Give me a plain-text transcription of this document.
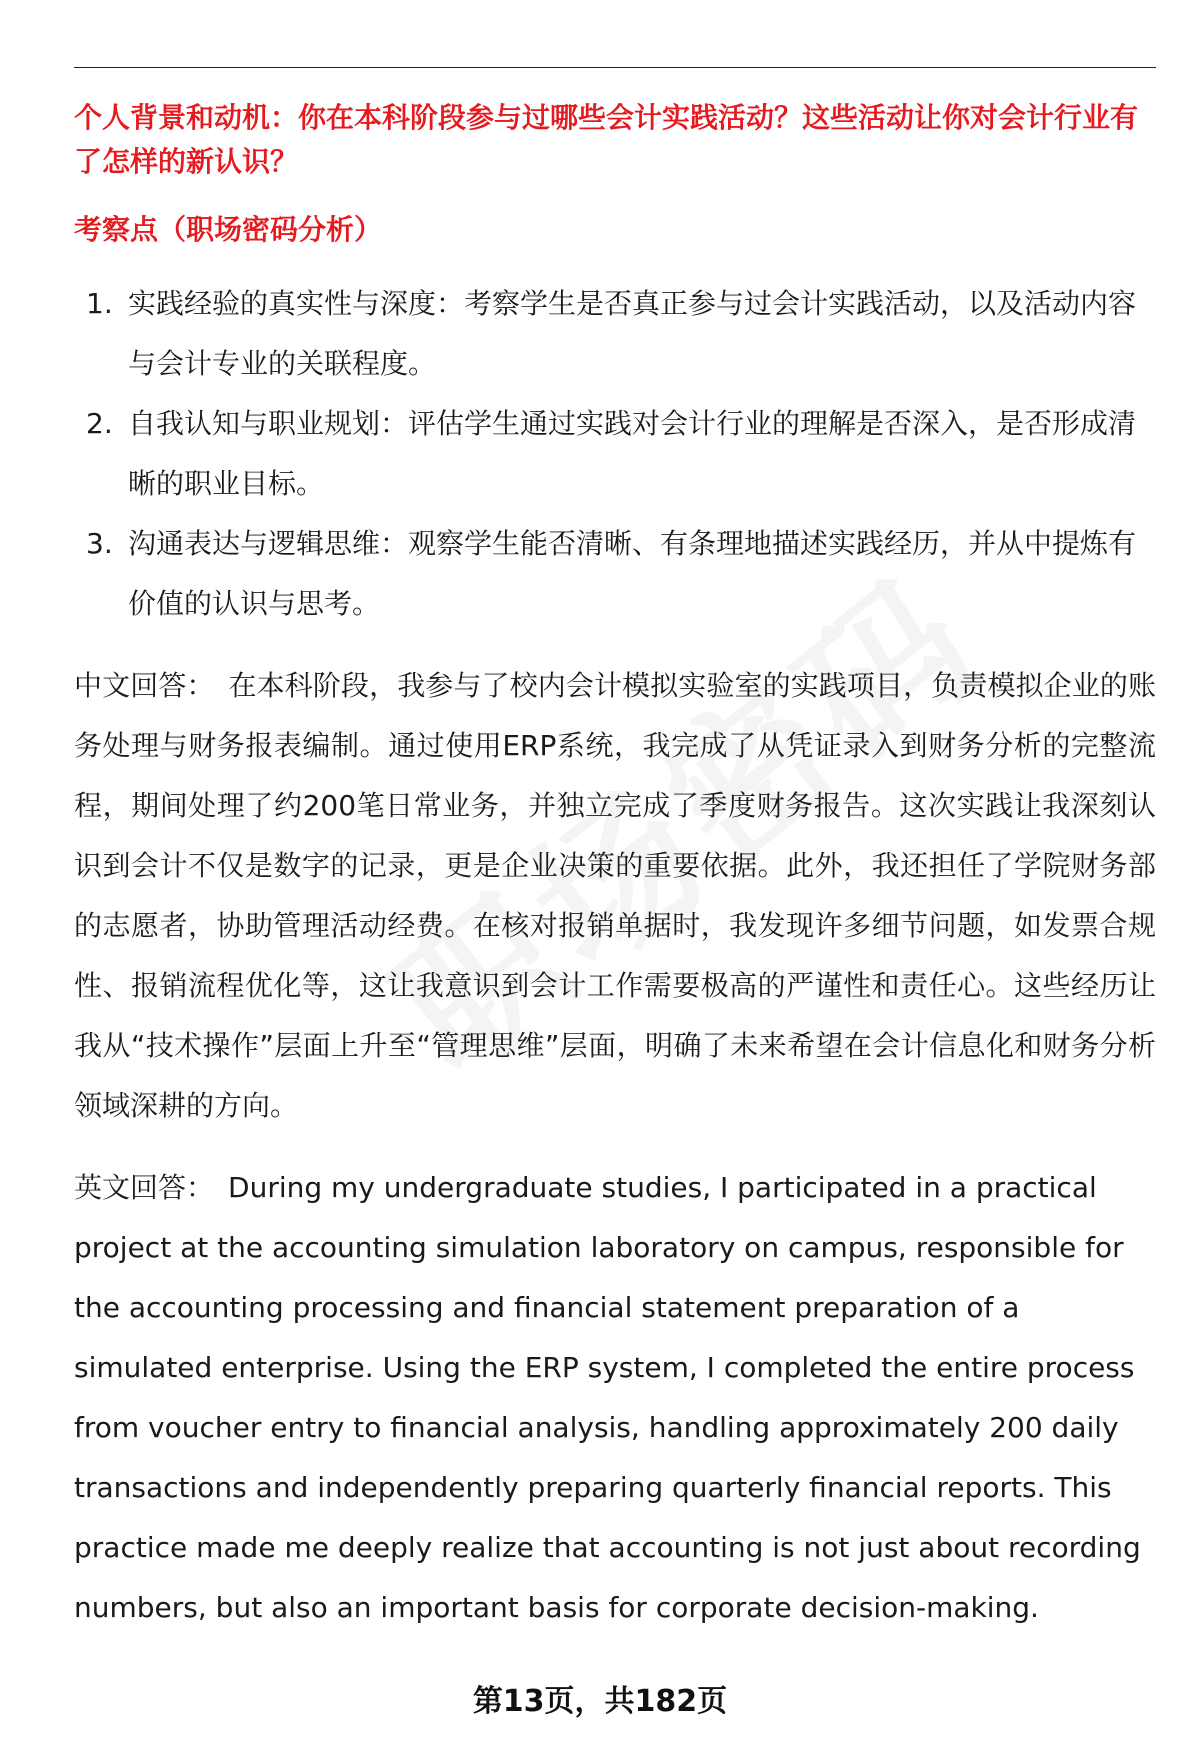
个人背景和动机：你在本科阶段参与过哪些会计实践活动？这些活动让你对会计行业有了怎样的新认识？

考察点（职场密码分析）

1. 实践经验的真实性与深度：考察学生是否真正参与过会计实践活动，以及活动内容与会计专业的关联程度。
2. 自我认知与职业规划：评估学生通过实践对会计行业的理解是否深入，是否形成清晰的职业目标。
3. 沟通表达与逻辑思维：观察学生能否清晰、有条理地描述实践经历，并从中提炼有价值的认识与思考。

中文回答： 在本科阶段，我参与了校内会计模拟实验室的实践项目，负责模拟企业的账务处理与财务报表编制。通过使用ERP系统，我完成了从凭证录入到财务分析的完整流程，期间处理了约200笔日常业务，并独立完成了季度财务报告。这次实践让我深刻认识到会计不仅是数字的记录，更是企业决策的重要依据。此外，我还担任了学院财务部的志愿者，协助管理活动经费。在核对报销单据时，我发现许多细节问题，如发票合规性、报销流程优化等，这让我意识到会计工作需要极高的严谨性和责任心。这些经历让我从“技术操作”层面上升至“管理思维”层面，明确了未来希望在会计信息化和财务分析领域深耕的方向。

英文回答： During my undergraduate studies, I participated in a practical project at the accounting simulation laboratory on campus, responsible for the accounting processing and financial statement preparation of a simulated enterprise. Using the ERP system, I completed the entire process from voucher entry to financial analysis, handling approximately 200 daily transactions and independently preparing quarterly financial reports. This practice made me deeply realize that accounting is not just about recording numbers, but also an important basis for corporate decision-making.

第13页，共182页
